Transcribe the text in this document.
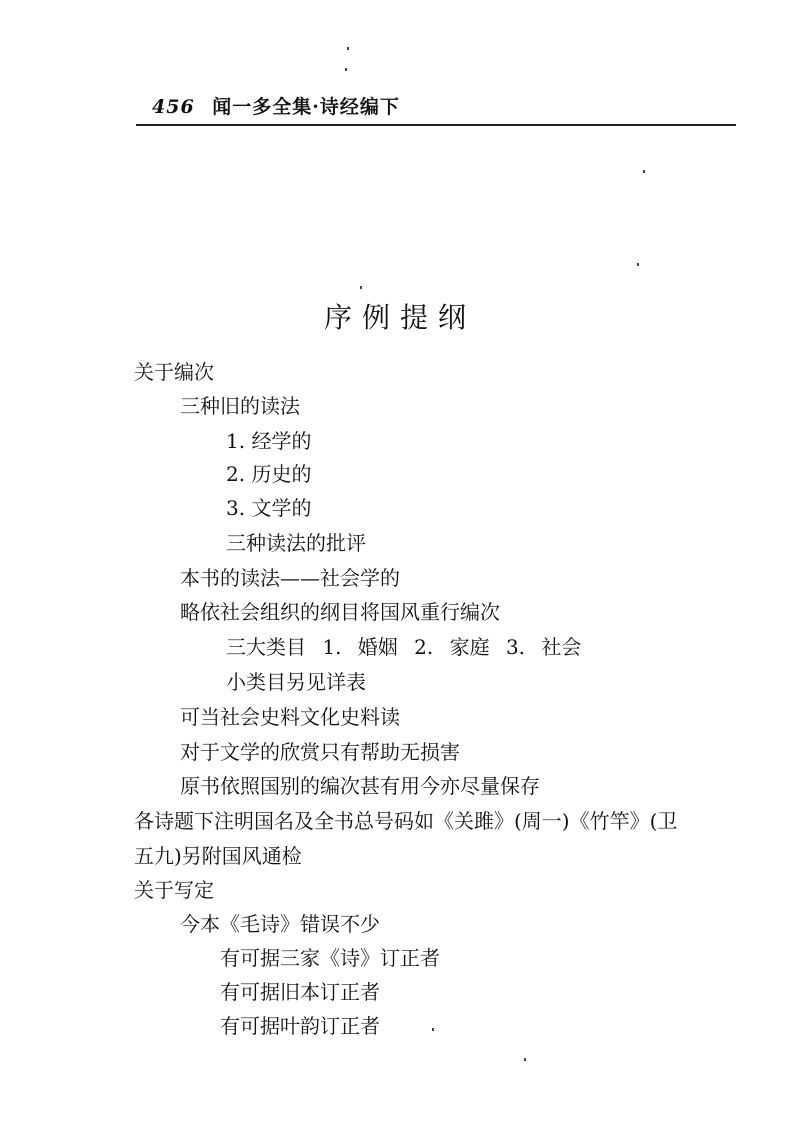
456 闻一多全集·诗经编下
序例提纲
关于编次
三种旧的读法
1. 经学的
2. 历史的
3. 文学的
三种读法的批评
本书的读法——社会学的
略依社会组织的纲目将国风重行编次
三大类目 1. 婚姻 2. 家庭 3. 社会
小类目另见详表
可当社会史料文化史料读
对于文学的欣赏只有帮助无损害
原书依照国别的编次甚有用今亦尽量保存
各诗题下注明国名及全书总号码如《关雎》(周一)《竹竿》(卫
五九)另附国风通检
关于写定
今本《毛诗》错误不少
有可据三家《诗》订正者
有可据旧本订正者
有可据叶韵订正者
